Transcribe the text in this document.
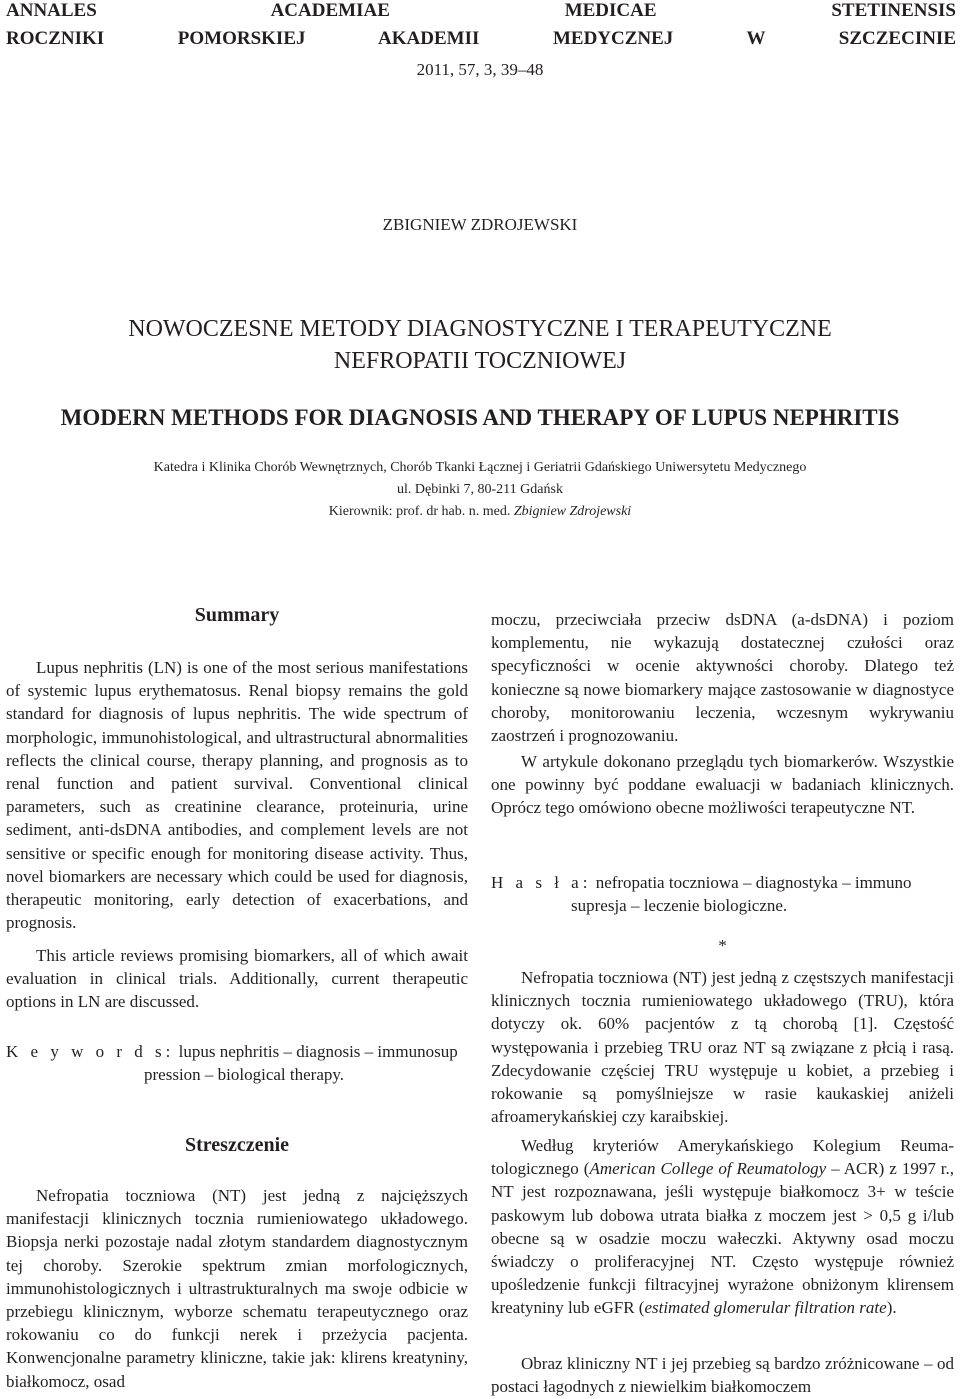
ANNALES ACADEMIAE MEDICAE STETINENSIS
ROCZNIKI POMORSKIEJ AKADEMII MEDYCZNEJ W SZCZECINIE
2011, 57, 3, 39–48
ZBIGNIEW ZDROJEWSKI
NOWOCZESNE METODY DIAGNOSTYCZNE I TERAPEUTYCZNE
NEFROPATII TOCZNIOWEJ
MODERN METHODS FOR DIAGNOSIS AND THERAPY OF LUPUS NEPHRITIS
Katedra i Klinika Chorób Wewnętrznych, Chorób Tkanki Łącznej i Geriatrii Gdańskiego Uniwersytetu Medycznego
ul. Dębinki 7, 80-211 Gdańsk
Kierownik: prof. dr hab. n. med. Zbigniew Zdrojewski
Summary
Lupus nephritis (LN) is one of the most serious manifestations of systemic lupus erythematosus. Renal biopsy remains the gold standard for diagnosis of lupus nephritis. The wide spectrum of morphologic, immunohistological, and ultrastructural abnormalities reflects the clinical course, therapy planning, and prognosis as to renal function and patient survival. Conventional clinical parameters, such as creatinine clearance, proteinuria, urine sediment, anti-dsDNA antibodies, and complement levels are not sensitive or specific enough for monitoring disease activity. Thus, novel biomarkers are necessary which could be used for diagnosis, therapeutic monitoring, early detection of exacerbations, and prognosis.
This article reviews promising biomarkers, all of which await evaluation in clinical trials. Additionally, current therapeutic options in LN are discussed.
K e y w o r d s: lupus nephritis – diagnosis – immunosup
pression – biological therapy.
Streszczenie
Nefropatia toczniowa (NT) jest jedną z najcięższych manifestacji klinicznych tocznia rumieniowatego układowego. Biopsja nerki pozostaje nadal złotym standardem diagnostycznym tej choroby. Szerokie spektrum zmian morfologicznych, immunohistologicznych i ultrastrukturalnych ma swoje odbicie w przebiegu klinicznym, wyborze schematu terapeutycznego oraz rokowaniu co do funkcji nerek i przeżycia pacjenta. Konwencjonalne parametry kliniczne, takie jak: klirens kreatyniny, białkomocz, osad
moczu, przeciwciała przeciw dsDNA (a-dsDNA) i poziom komplementu, nie wykazują dostatecznej czułości oraz specyficzności w ocenie aktywności choroby. Dlatego też konieczne są nowe biomarkery mające zastosowanie w diagnostyce choroby, monitorowaniu leczenia, wczesnym wykrywaniu zaostrzeń i prognozowaniu.
W artykule dokonano przeglądu tych biomarkerów. Wszystkie one powinny być poddane ewaluacji w badaniach klinicznych. Oprócz tego omówiono obecne możliwości terapeutyczne NT.
H a s ł a: nefropatia toczniowa – diagnostyka – immuno
supresja – leczenie biologiczne.
*
Nefropatia toczniowa (NT) jest jedną z częstszych manifestacji klinicznych tocznia rumieniowatego układowego (TRU), która dotyczy ok. 60% pacjentów z tą chorobą [1]. Częstość występowania i przebieg TRU oraz NT są związane z płcią i rasą. Zdecydowanie częściej TRU występuje u kobiet, a przebieg i rokowanie są pomyślniejsze w rasie kaukaskiej aniżeli afroamerykańskiej czy karaibskiej.
Według kryteriów Amerykańskiego Kolegium Reumatologicznego (American College of Reumatology – ACR) z 1997 r., NT jest rozpoznawana, jeśli występuje białkomocz 3+ w teście paskowym lub dobowa utrata białka z moczem jest > 0,5 g i/lub obecne są w osadzie moczu wałeczki. Aktywny osad moczu świadczy o proliferacyjnej NT. Często występuje również upośledzenie funkcji filtracyjnej wyrażone obniżonym klirensem kreatyniny lub eGFR (estimated glomerular filtration rate).
Obraz kliniczny NT i jej przebieg są bardzo zróżnicowane – od postaci łagodnych z niewielkim białkomoczem
